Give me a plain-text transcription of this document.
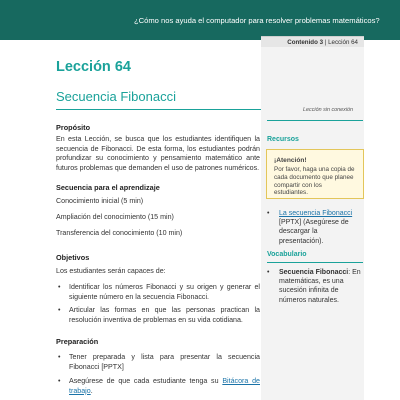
¿Cómo nos ayuda el computador para resolver problemas matemáticos?
Contenido 3 | Lección 64
Lección 64
Secuencia Fibonacci
Propósito
En esta Lección, se busca que los estudiantes identifiquen la secuencia de Fibonacci. De esta forma, los estudiantes podrán profundizar su conocimiento y pensamiento matemático ante futuros problemas que demanden el uso de patrones numéricos.
Secuencia para el aprendizaje
Conocimiento inicial (5 min)
Ampliación del conocimiento (15 min)
Transferencia del conocimiento (10 min)
Objetivos
Los estudiantes serán capaces de:
•	Identificar los números Fibonacci y su origen y generar el siguiente número en la secuencia Fibonacci.
•	Articular las formas en que las personas practican la resolución inventiva de problemas en su vida cotidiana.
Preparación
•	Tener preparada y lista para presentar la secuencia Fibonacci [PPTX]
•	Asegúrese de que cada estudiante tenga su Bitácora de trabajo.
Lección sin conexión
Recursos
¡Atención!
Por favor, haga una copia de cada documento que planee compartir con los estudiantes.
•	La secuencia Fibonacci [PPTX] (Asegúrese de descargar la presentación).
Vocabulario
•	Secuencia Fibonacci: En matemáticas, es una sucesión infinita de números naturales.
